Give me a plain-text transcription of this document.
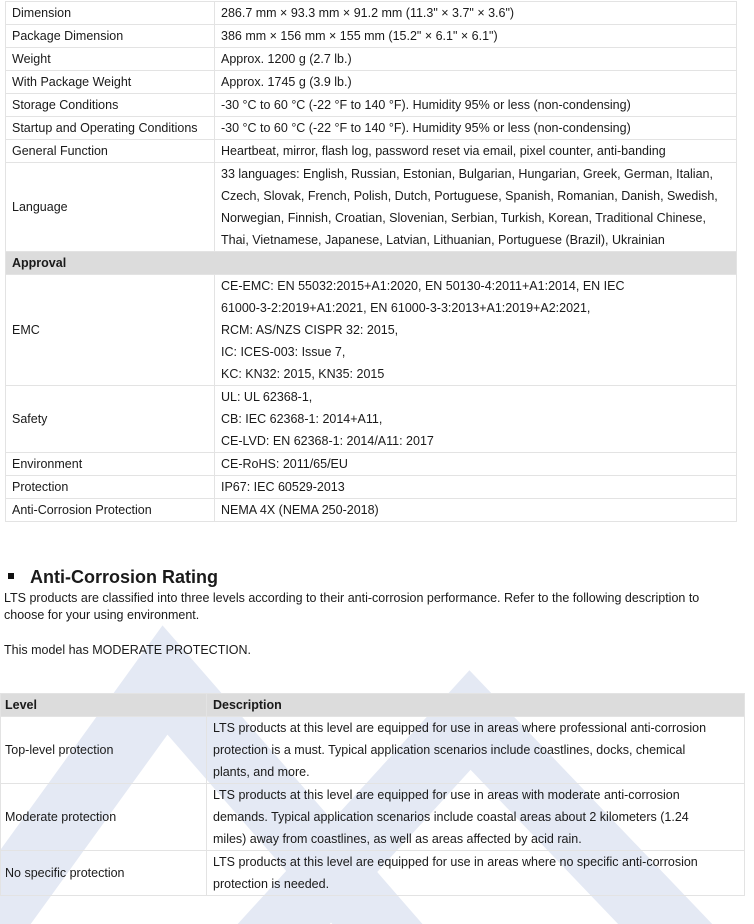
Dimension	286.7 mm × 93.3 mm × 91.2 mm (11.3" × 3.7" × 3.6")

Package Dimension	386 mm × 156 mm × 155 mm (15.2" × 6.1" × 6.1")

Weight	Approx. 1200 g (2.7 lb.)

With Package Weight	Approx. 1745 g (3.9 lb.)

Storage Conditions	-30 °C to 60 °C (-22 °F to 140 °F). Humidity 95% or less (non-condensing)

Startup and Operating Conditions	-30 °C to 60 °C (-22 °F to 140 °F). Humidity 95% or less (non-condensing)

General Function	Heartbeat, mirror, flash log, password reset via email, pixel counter, anti-banding

Language	33 languages: English, Russian, Estonian, Bulgarian, Hungarian, Greek, German, Italian,
Czech, Slovak, French, Polish, Dutch, Portuguese, Spanish, Romanian, Danish, Swedish,
Norwegian, Finnish, Croatian, Slovenian, Serbian, Turkish, Korean, Traditional Chinese,
Thai, Vietnamese, Japanese, Latvian, Lithuanian, Portuguese (Brazil), Ukrainian

Approval	
EMC	CE-EMC: EN 55032:2015+A1:2020, EN 50130-4:2011+A1:2014, EN IEC
61000-3-2:2019+A1:2021, EN 61000-3-3:2013+A1:2019+A2:2021,
RCM: AS/NZS CISPR 32: 2015,
IC: ICES-003: Issue 7,
KC: KN32: 2015, KN35: 2015

Safety	UL: UL 62368-1,
CB: IEC 62368-1: 2014+A11,
CE-LVD: EN 62368-1: 2014/A11: 2017

Environment	CE-RoHS: 2011/65/EU

Protection	IP67: IEC 60529-2013

Anti-Corrosion Protection	NEMA 4X (NEMA 250-2018)
Anti-Corrosion Rating
LTS products are classified into three levels according to their anti-corrosion performance. Refer to the following description to choose for your using environment.
This model has MODERATE PROTECTION.
Level	Description
Top-level protection	LTS products at this level are equipped for use in areas where professional anti-corrosion
protection is a must. Typical application scenarios include coastlines, docks, chemical
plants, and more.

Moderate protection	LTS products at this level are equipped for use in areas with moderate anti-corrosion
demands. Typical application scenarios include coastal areas about 2 kilometers (1.24
miles) away from coastlines, as well as areas affected by acid rain.

No specific protection	LTS products at this level are equipped for use in areas where no specific anti-corrosion
protection is needed.
